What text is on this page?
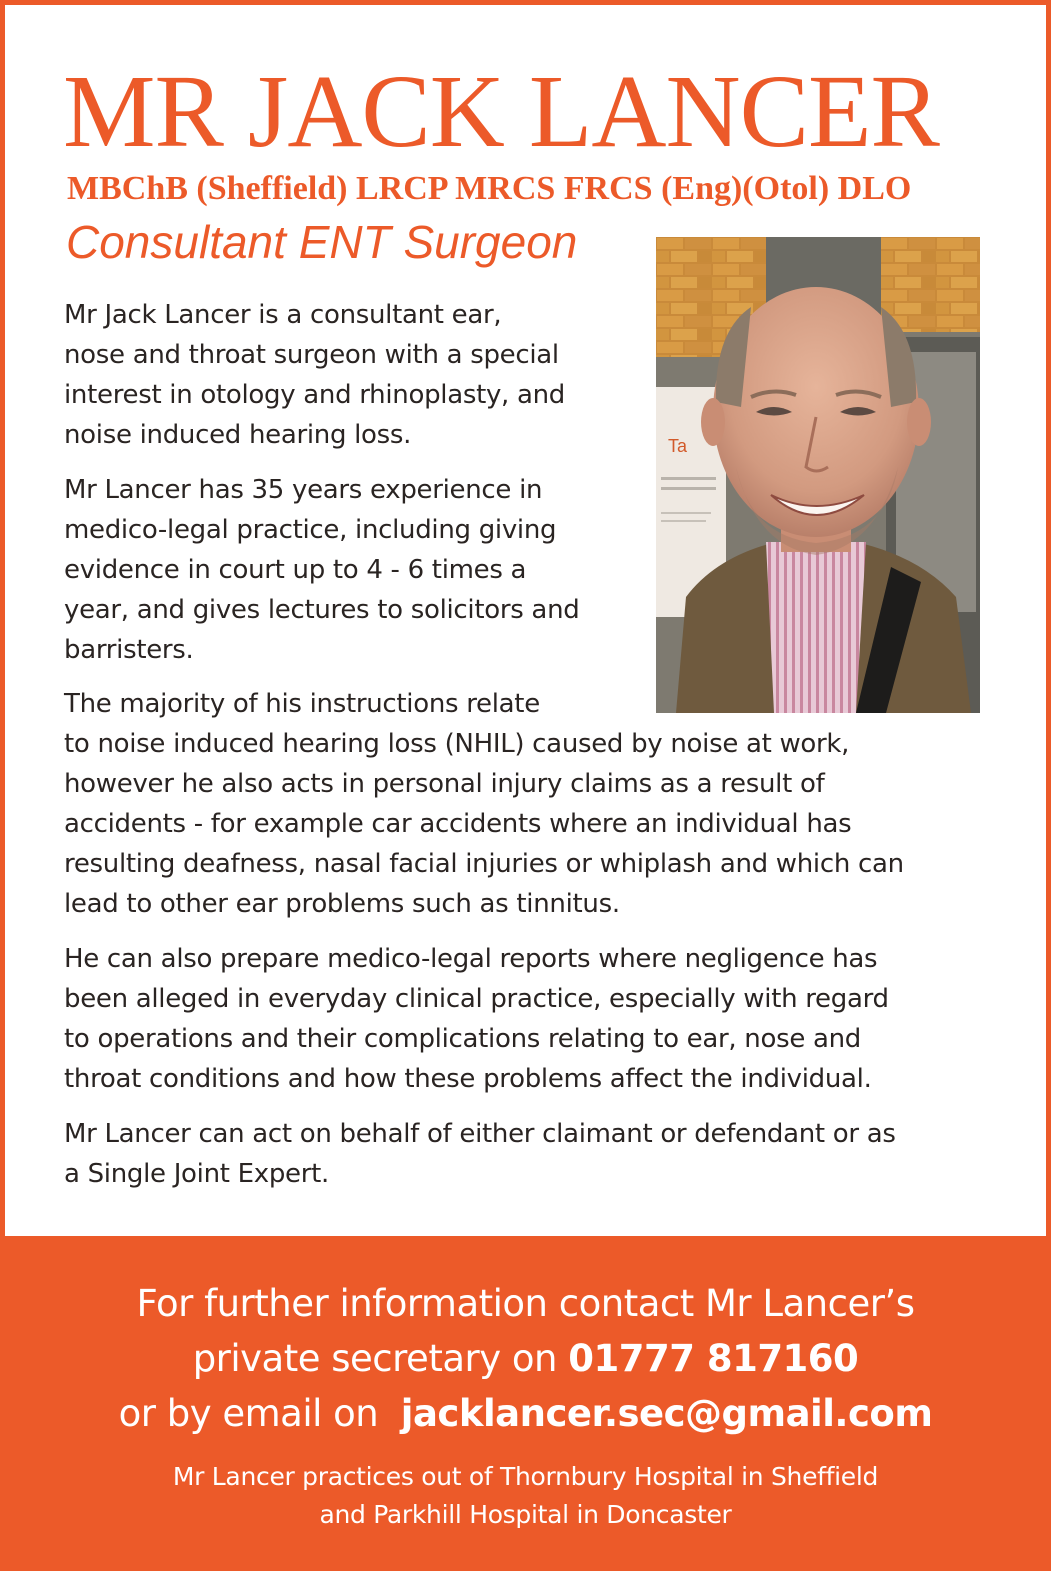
MR JACK LANCER
MBChB (Sheffield) LRCP MRCS FRCS (Eng)(Otol) DLO
Consultant ENT Surgeon
Ta
Mr Jack Lancer is a consultant ear,
nose and throat surgeon with a special
interest in otology and rhinoplasty, and
noise induced hearing loss.
Mr Lancer has 35 years experience in
medico-legal practice, including giving
evidence in court up to 4 - 6 times a
year, and gives lectures to solicitors and
barristers.
The majority of his instructions relate
to noise induced hearing loss (NHIL) caused by noise at work,
however he also acts in personal injury claims as a result of
accidents - for example car accidents where an individual has
resulting deafness, nasal facial injuries or whiplash and which can
lead to other ear problems such as tinnitus.
He can also prepare medico-legal reports where negligence has
been alleged in everyday clinical practice, especially with regard
to operations and their complications relating to ear, nose and
throat conditions and how these problems affect the individual.
Mr Lancer can act on behalf of either claimant or defendant or as
a Single Joint Expert.
For further information contact Mr Lancer’s
private secretary on 01777 817160
or by email on  jacklancer.sec@gmail.com
Mr Lancer practices out of Thornbury Hospital in Sheffield
and Parkhill Hospital in Doncaster
